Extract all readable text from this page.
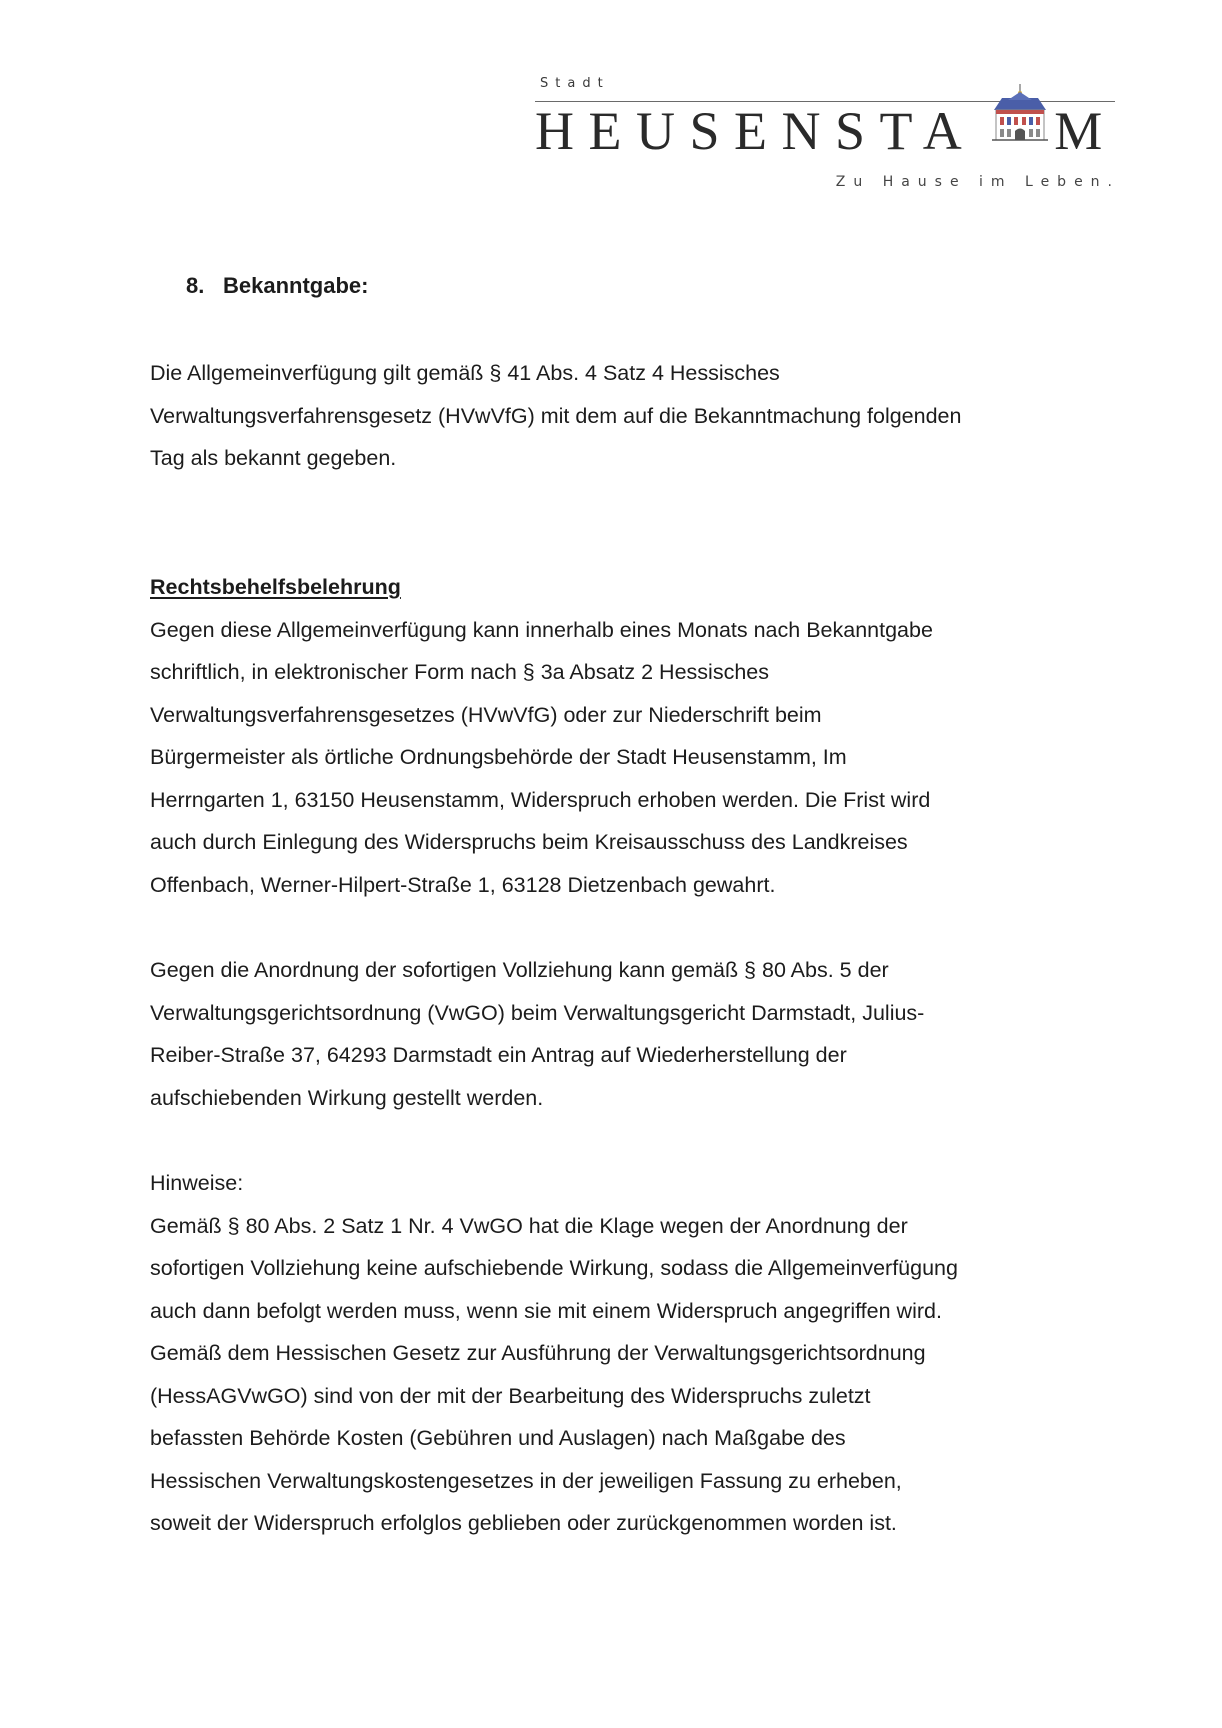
Stadt
HEUSENSTA M
Zu Hause im Leben.
8. Bekanntgabe:

Die Allgemeinverfügung gilt gemäß § 41 Abs. 4 Satz 4 Hessisches
Verwaltungsverfahrensgesetz (HVwVfG) mit dem auf die Bekanntmachung folgenden
Tag als bekannt gegeben.

Rechtsbehelfsbelehrung
Gegen diese Allgemeinverfügung kann innerhalb eines Monats nach Bekanntgabe
schriftlich, in elektronischer Form nach § 3a Absatz 2 Hessisches
Verwaltungsverfahrensgesetzes (HVwVfG) oder zur Niederschrift beim
Bürgermeister als örtliche Ordnungsbehörde der Stadt Heusenstamm, Im
Herrngarten 1, 63150 Heusenstamm, Widerspruch erhoben werden. Die Frist wird
auch durch Einlegung des Widerspruchs beim Kreisausschuss des Landkreises
Offenbach, Werner-Hilpert-Straße 1, 63128 Dietzenbach gewahrt.

Gegen die Anordnung der sofortigen Vollziehung kann gemäß § 80 Abs. 5 der
Verwaltungsgerichtsordnung (VwGO) beim Verwaltungsgericht Darmstadt, Julius-
Reiber-Straße 37, 64293 Darmstadt ein Antrag auf Wiederherstellung der
aufschiebenden Wirkung gestellt werden.

Hinweise:
Gemäß § 80 Abs. 2 Satz 1 Nr. 4 VwGO hat die Klage wegen der Anordnung der
sofortigen Vollziehung keine aufschiebende Wirkung, sodass die Allgemeinverfügung
auch dann befolgt werden muss, wenn sie mit einem Widerspruch angegriffen wird.
Gemäß dem Hessischen Gesetz zur Ausführung der Verwaltungsgerichtsordnung
(HessAGVwGO) sind von der mit der Bearbeitung des Widerspruchs zuletzt
befassten Behörde Kosten (Gebühren und Auslagen) nach Maßgabe des
Hessischen Verwaltungskostengesetzes in der jeweiligen Fassung zu erheben,
soweit der Widerspruch erfolglos geblieben oder zurückgenommen worden ist.
